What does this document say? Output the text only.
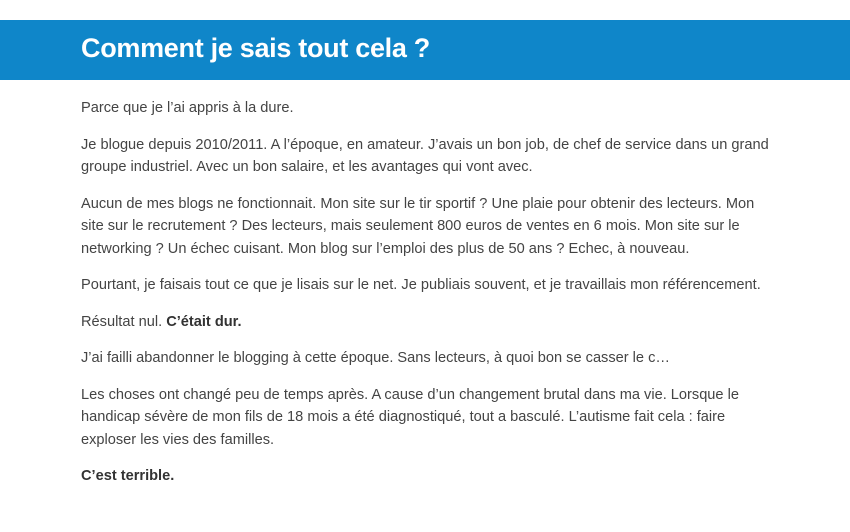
Comment je sais tout cela ?

Parce que je l’ai appris à la dure.

Je blogue depuis 2010/2011. A l’époque, en amateur. J’avais un bon job, de chef de service dans un grand groupe industriel. Avec un bon salaire, et les avantages qui vont avec.

Aucun de mes blogs ne fonctionnait. Mon site sur le tir sportif ? Une plaie pour obtenir des lecteurs. Mon site sur le recrutement ? Des lecteurs, mais seulement 800 euros de ventes en 6 mois. Mon site sur le networking ? Un échec cuisant. Mon blog sur l’emploi des plus de 50 ans ? Echec, à nouveau.

Pourtant, je faisais tout ce que je lisais sur le net. Je publiais souvent, et je travaillais mon référencement.

Résultat nul. C’était dur.

J’ai failli abandonner le blogging à cette époque. Sans lecteurs, à quoi bon se casser le c…

Les choses ont changé peu de temps après. A cause d’un changement brutal dans ma vie. Lorsque le handicap sévère de mon fils de 18 mois a été diagnostiqué, tout a basculé. L’autisme fait cela : faire exploser les vies des familles.

C’est terrible.
